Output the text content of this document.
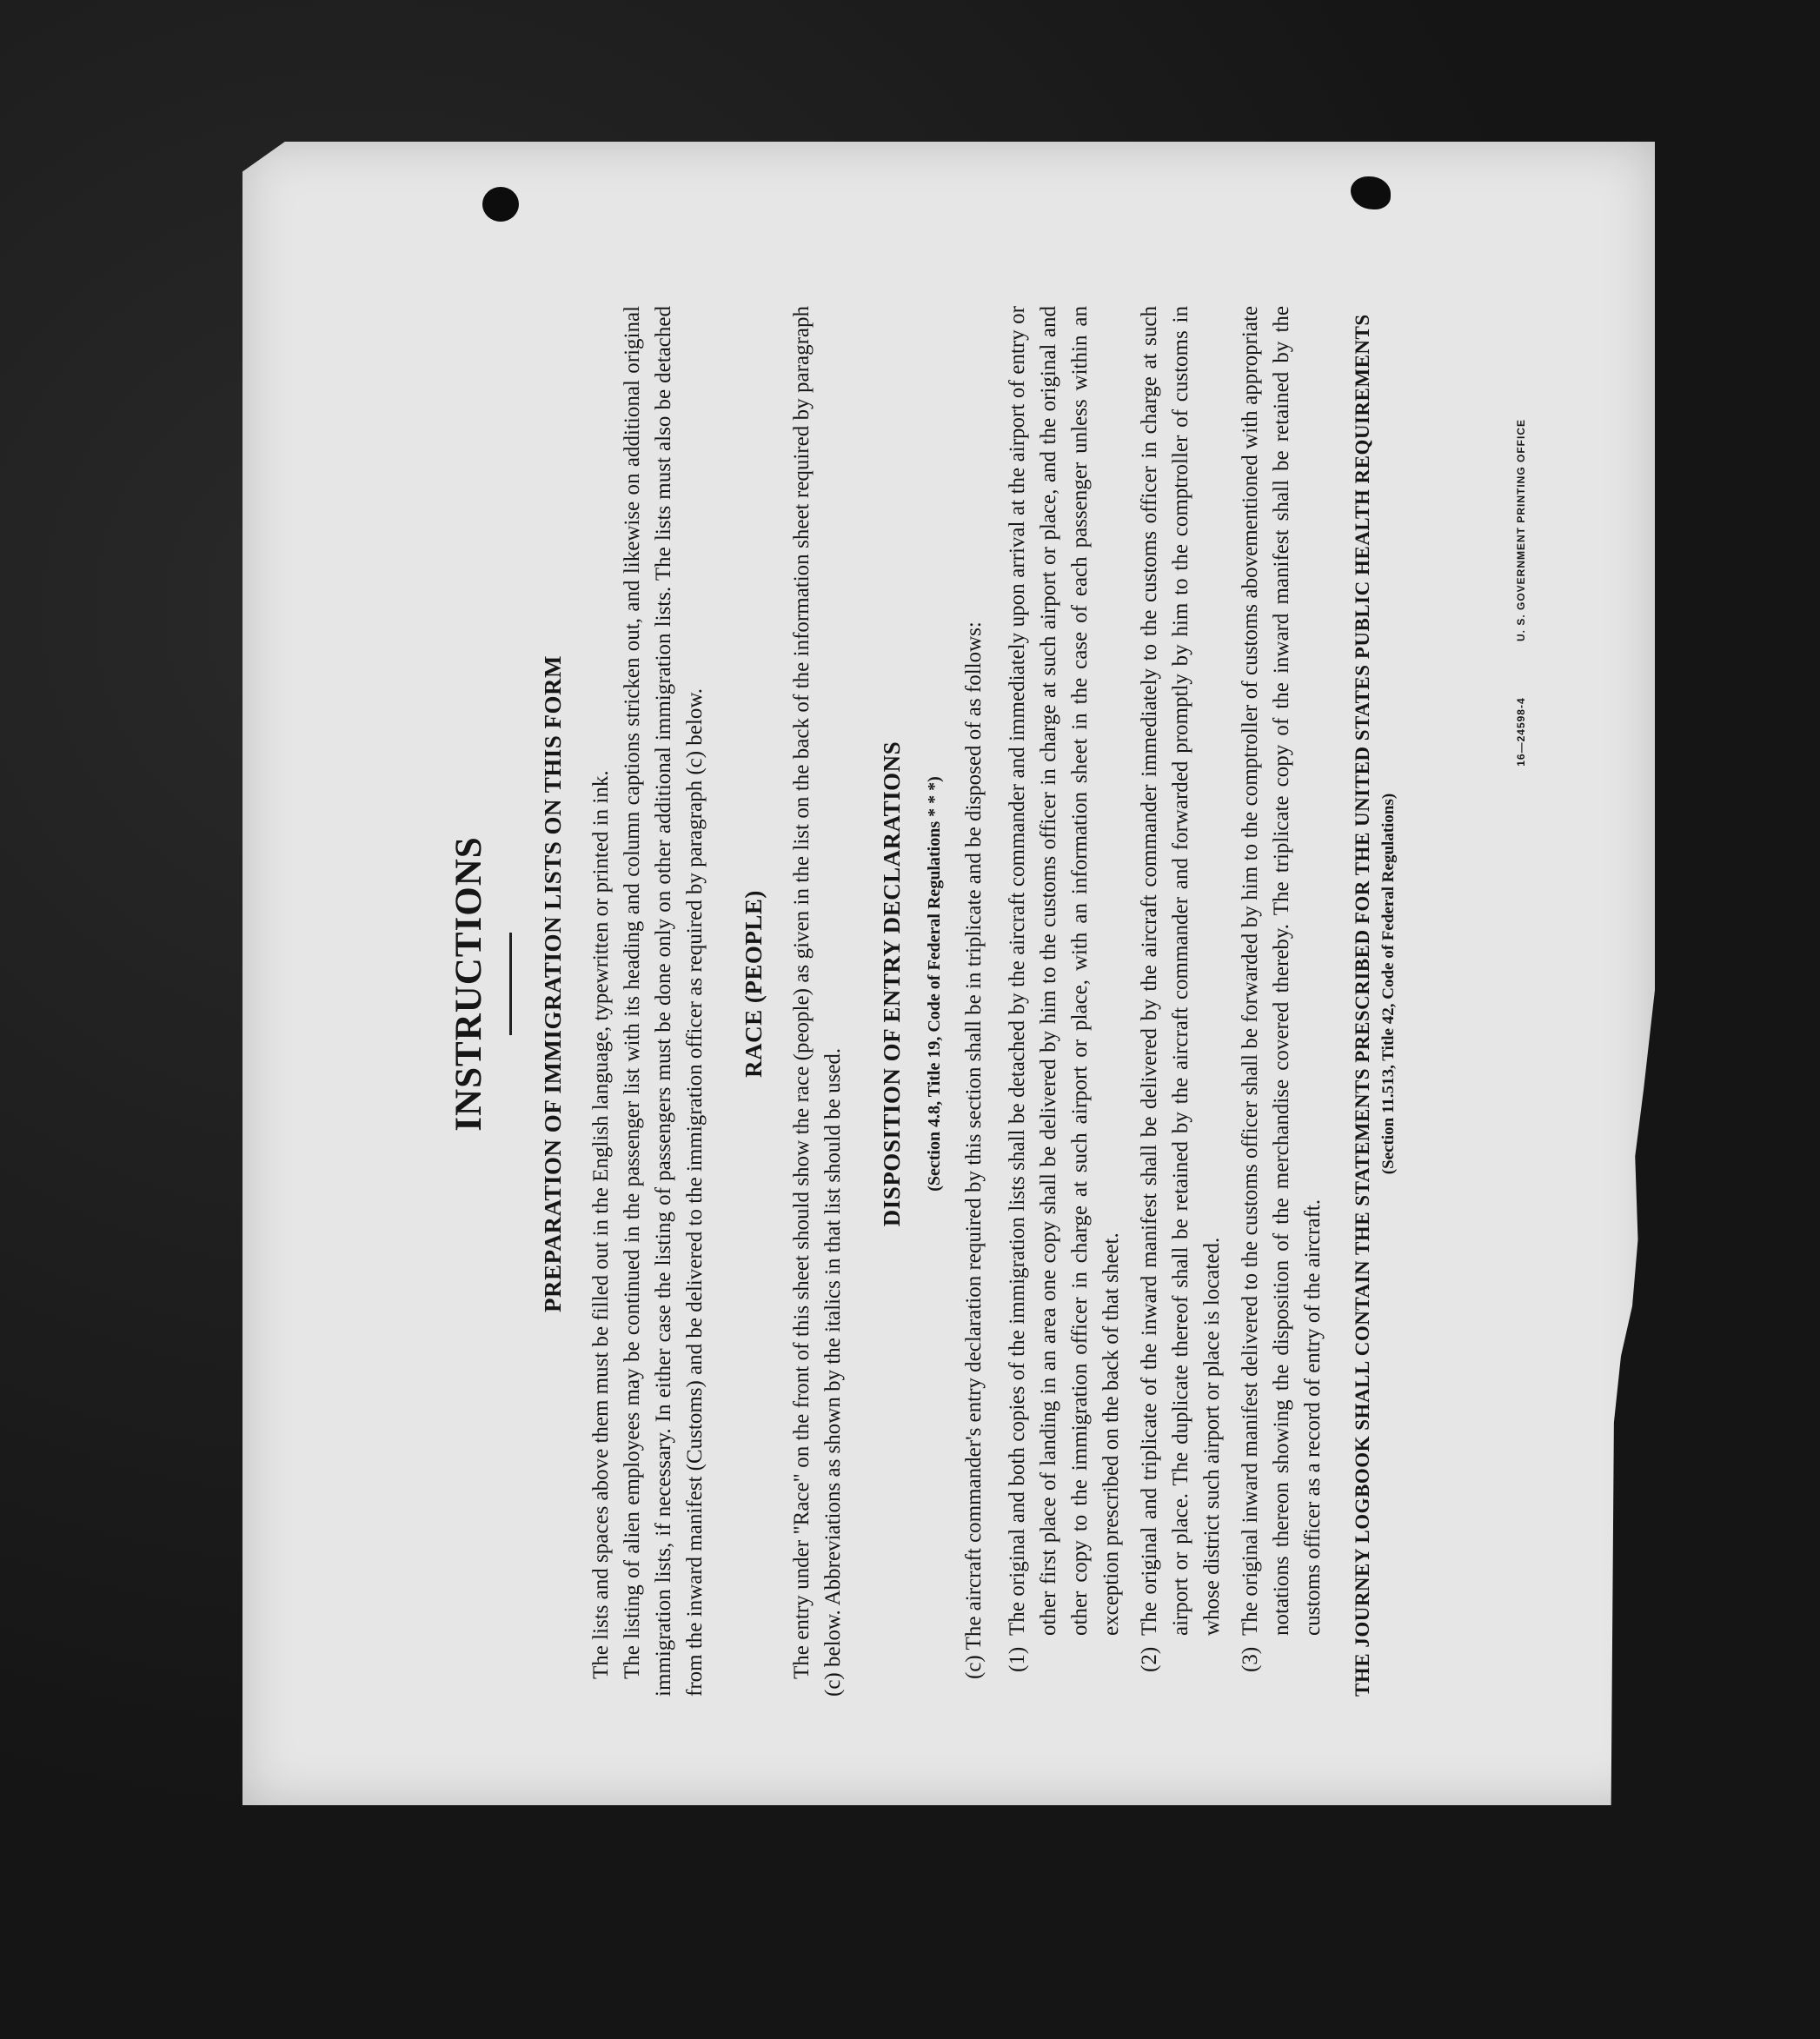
INSTRUCTIONS PREPARATION OF IMMIGRATION LISTS ON THIS FORM The lists and spaces above them must be filled out in the English language, typewritten or printed in ink. The listing of alien employees may be continued in the passenger list with its heading and column captions stricken out, and likewise on additional original immigration lists, if necessary. In either case the listing of passengers must be done only on other additional immigration lists. The lists must also be detached from the inward manifest (Customs) and be delivered to the immigration officer as required by paragraph (c) below. RACE (PEOPLE) The entry under "Race" on the front of this sheet should show the race (people) as given in the list on the back of the information sheet required by paragraph (c) below. Abbreviations as shown by the italics in that list should be used.

DISPOSITION OF ENTRY DECLARATIONS (Section 4.8, Title 19, Code of Federal Regulations * * *) (c) The aircraft commander's entry declaration required by this section shall be in triplicate and be disposed of as follows: (1)
The original and both copies of the immigration lists shall be detached by the aircraft commander and immediately upon arrival at the airport of entry or other first place of landing in an area one copy shall be delivered by him to the customs officer in charge at such airport or place, and the original and other copy to the immigration officer in charge at such airport or place, with an information sheet in the case of each passenger unless within an exception prescribed on the back of that sheet.
(2)
The original and triplicate of the inward manifest shall be delivered by the aircraft commander immediately to the customs officer in charge at such airport or place. The duplicate thereof shall be retained by the aircraft commander and forwarded promptly by him to the comptroller of customs in whose district such airport or place is located.
(3)
The original inward manifest delivered to the customs officer shall be forwarded by him to the comptroller of customs abovementioned with appropriate notations thereon showing the disposition of the merchandise covered thereby. The triplicate copy of the inward manifest shall be retained by the customs officer as a record of entry of the aircraft. THE JOURNEY LOGBOOK SHALL CONTAIN THE STATEMENTS PRESCRIBED FOR THE UNITED STATES PUBLIC HEALTH REQUIREMENTS (Section 11.513, Title 42, Code of Federal Regulations)
16—24598-4 U. S. GOVERNMENT PRINTING OFFICE
